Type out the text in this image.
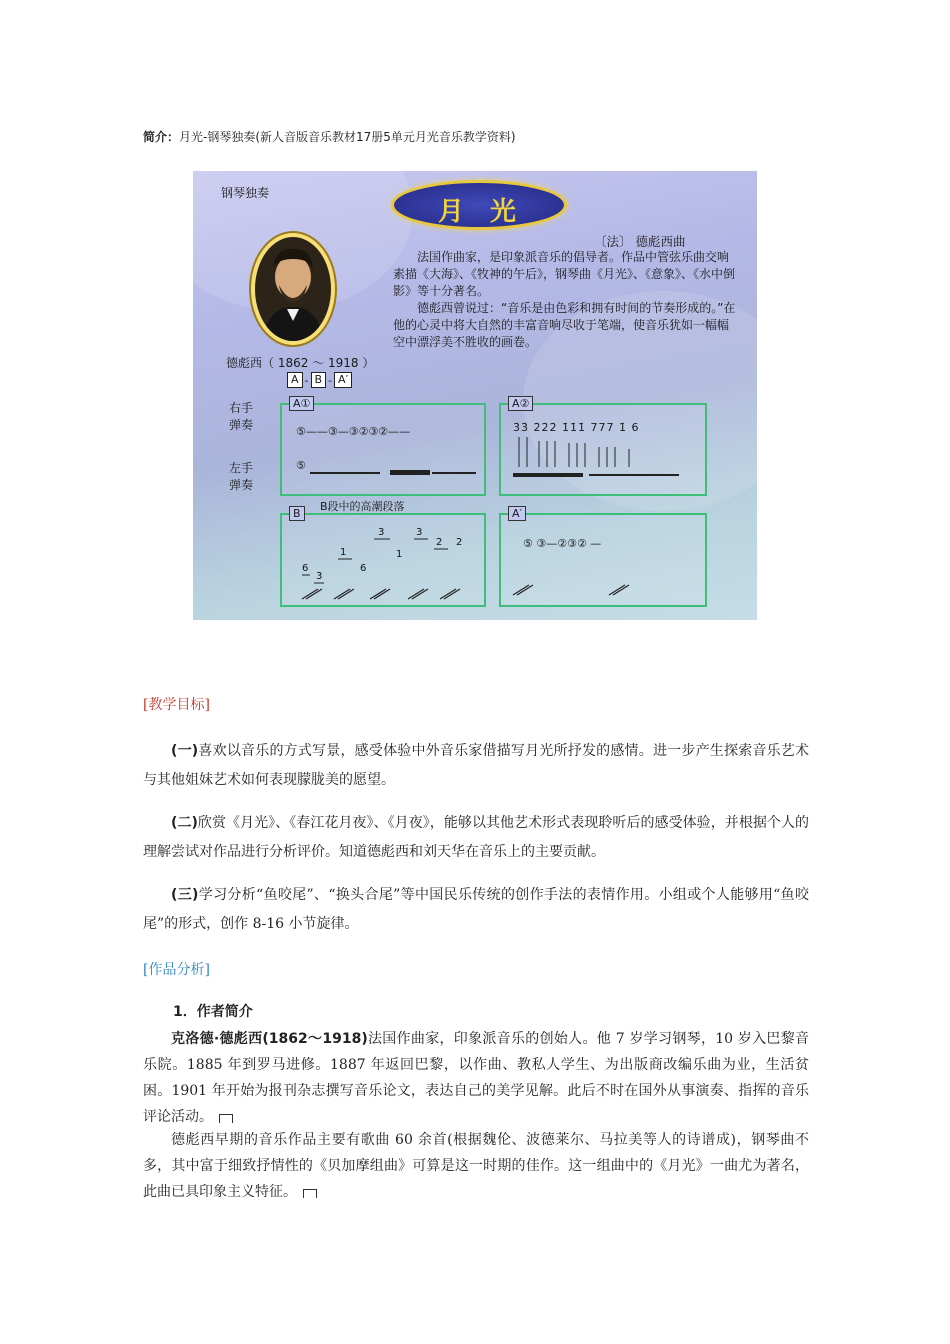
简介：月光-钢琴独奏(新人音版音乐教材17册5单元月光音乐教学资料)
钢琴独奏
月光
〔法〕 德彪西曲

法国作曲家，是印象派音乐的倡导者。作品中管弦乐曲交响素描《大海》、《牧神的午后》，钢琴曲《月光》、《意象》、《水中倒影》等十分著名。

德彪西曾说过：“音乐是由色彩和拥有时间的节奏形成的。”在他的心灵中将大自然的丰富音响尽收于笔端，使音乐犹如一幅幅空中漂浮美不胜收的画卷。

德彪西（ 1862 ～ 1918 ）
A - B - A′
右手弹奏
左手弹奏
A①
⑤——③—③②③②——
⑤
A②
3̇3̇ 2̇2̇2̇ 1̇1̇1̇ 777 1̇ 6
B
6
3
1
6
3
1
3
2 2
B段中的高潮段落
A′
⑤ ③—②③② —
[教学目标]

(一)喜欢以音乐的方式写景，感受体验中外音乐家借描写月光所抒发的感情。进一步产生探索音乐艺术与其他姐妹艺术如何表现朦胧美的愿望。

(二)欣赏《月光》、《春江花月夜》、《月夜》，能够以其他艺术形式表现聆听后的感受体验，并根据个人的理解尝试对作品进行分析评价。知道德彪西和刘天华在音乐上的主要贡献。

(三)学习分析“鱼咬尾”、“换头合尾”等中国民乐传统的创作手法的表情作用。小组或个人能够用“鱼咬尾”的形式，创作 8-16 小节旋律。

[作品分析]
1．作者简介

克洛德·德彪西(1862～1918)法国作曲家，印象派音乐的创始人。他 7 岁学习钢琴，10 岁入巴黎音乐院。1885 年到罗马进修。1887 年返回巴黎，以作曲、教私人学生、为出版商改编乐曲为业，生活贫困。1901 年开始为报刊杂志撰写音乐论文，表达自己的美学见解。此后不时在国外从事演奏、指挥的音乐评论活动。

德彪西早期的音乐作品主要有歌曲 60 余首(根据魏伦、波德莱尔、马拉美等人的诗谱成)，钢琴曲不多，其中富于细致抒情性的《贝加摩组曲》可算是这一时期的佳作。这一组曲中的《月光》一曲尤为著名，此曲已具印象主义特征。
